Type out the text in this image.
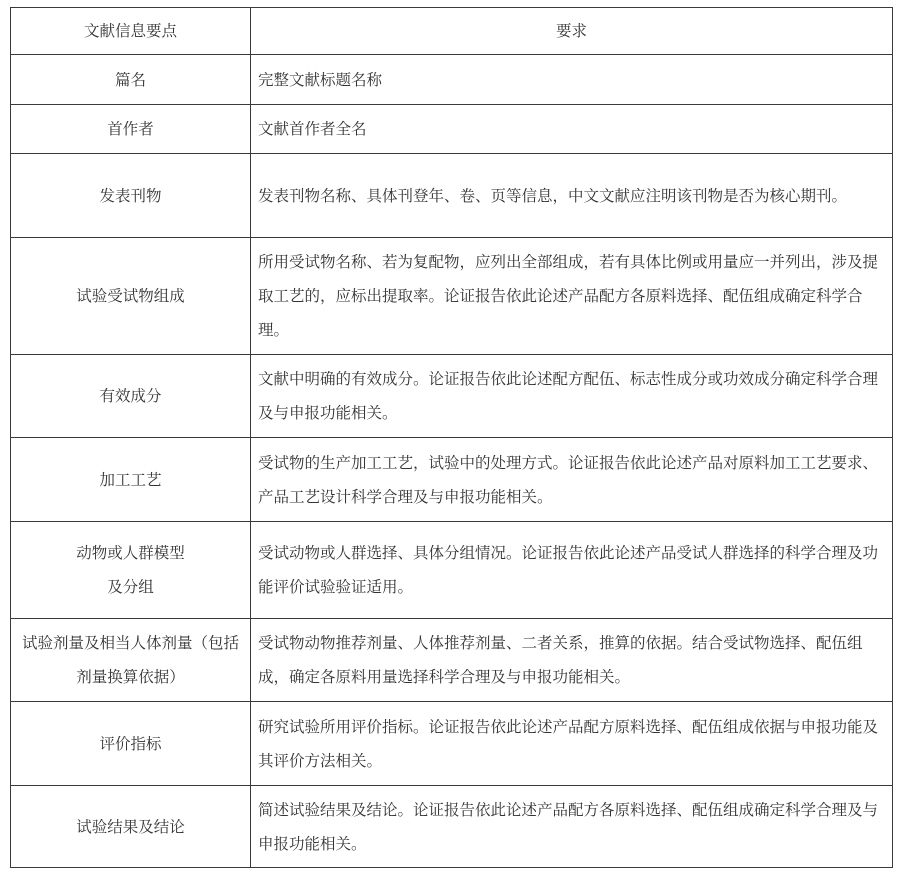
文献信息要点	要求
篇名	完整文献标题名称
首作者	文献首作者全名
发表刊物	发表刊物名称、具体刊登年、卷、页等信息，中文文献应注明该刊物是否为核心期刊。
试验受试物组成	所用受试物名称、若为复配物，应列出全部组成，若有具体比例或用量应一并列出，涉及提取工艺的，应标出提取率。论证报告依此论述产品配方各原料选择、配伍组成确定科学合理。
有效成分	文献中明确的有效成分。论证报告依此论述配方配伍、标志性成分或功效成分确定科学合理及与申报功能相关。
加工工艺	受试物的生产加工工艺，试验中的处理方式。论证报告依此论述产品对原料加工工艺要求、产品工艺设计科学合理及与申报功能相关。
动物或人群模型及分组	受试动物或人群选择、具体分组情况。论证报告依此论述产品受试人群选择的科学合理及功能评价试验验证适用。
试验剂量及相当人体剂量（包括剂量换算依据）	受试物动物推荐剂量、人体推荐剂量、二者关系，推算的依据。结合受试物选择、配伍组成，确定各原料用量选择科学合理及与申报功能相关。
评价指标	研究试验所用评价指标。论证报告依此论述产品配方原料选择、配伍组成依据与申报功能及其评价方法相关。
试验结果及结论	简述试验结果及结论。论证报告依此论述产品配方各原料选择、配伍组成确定科学合理及与申报功能相关。
